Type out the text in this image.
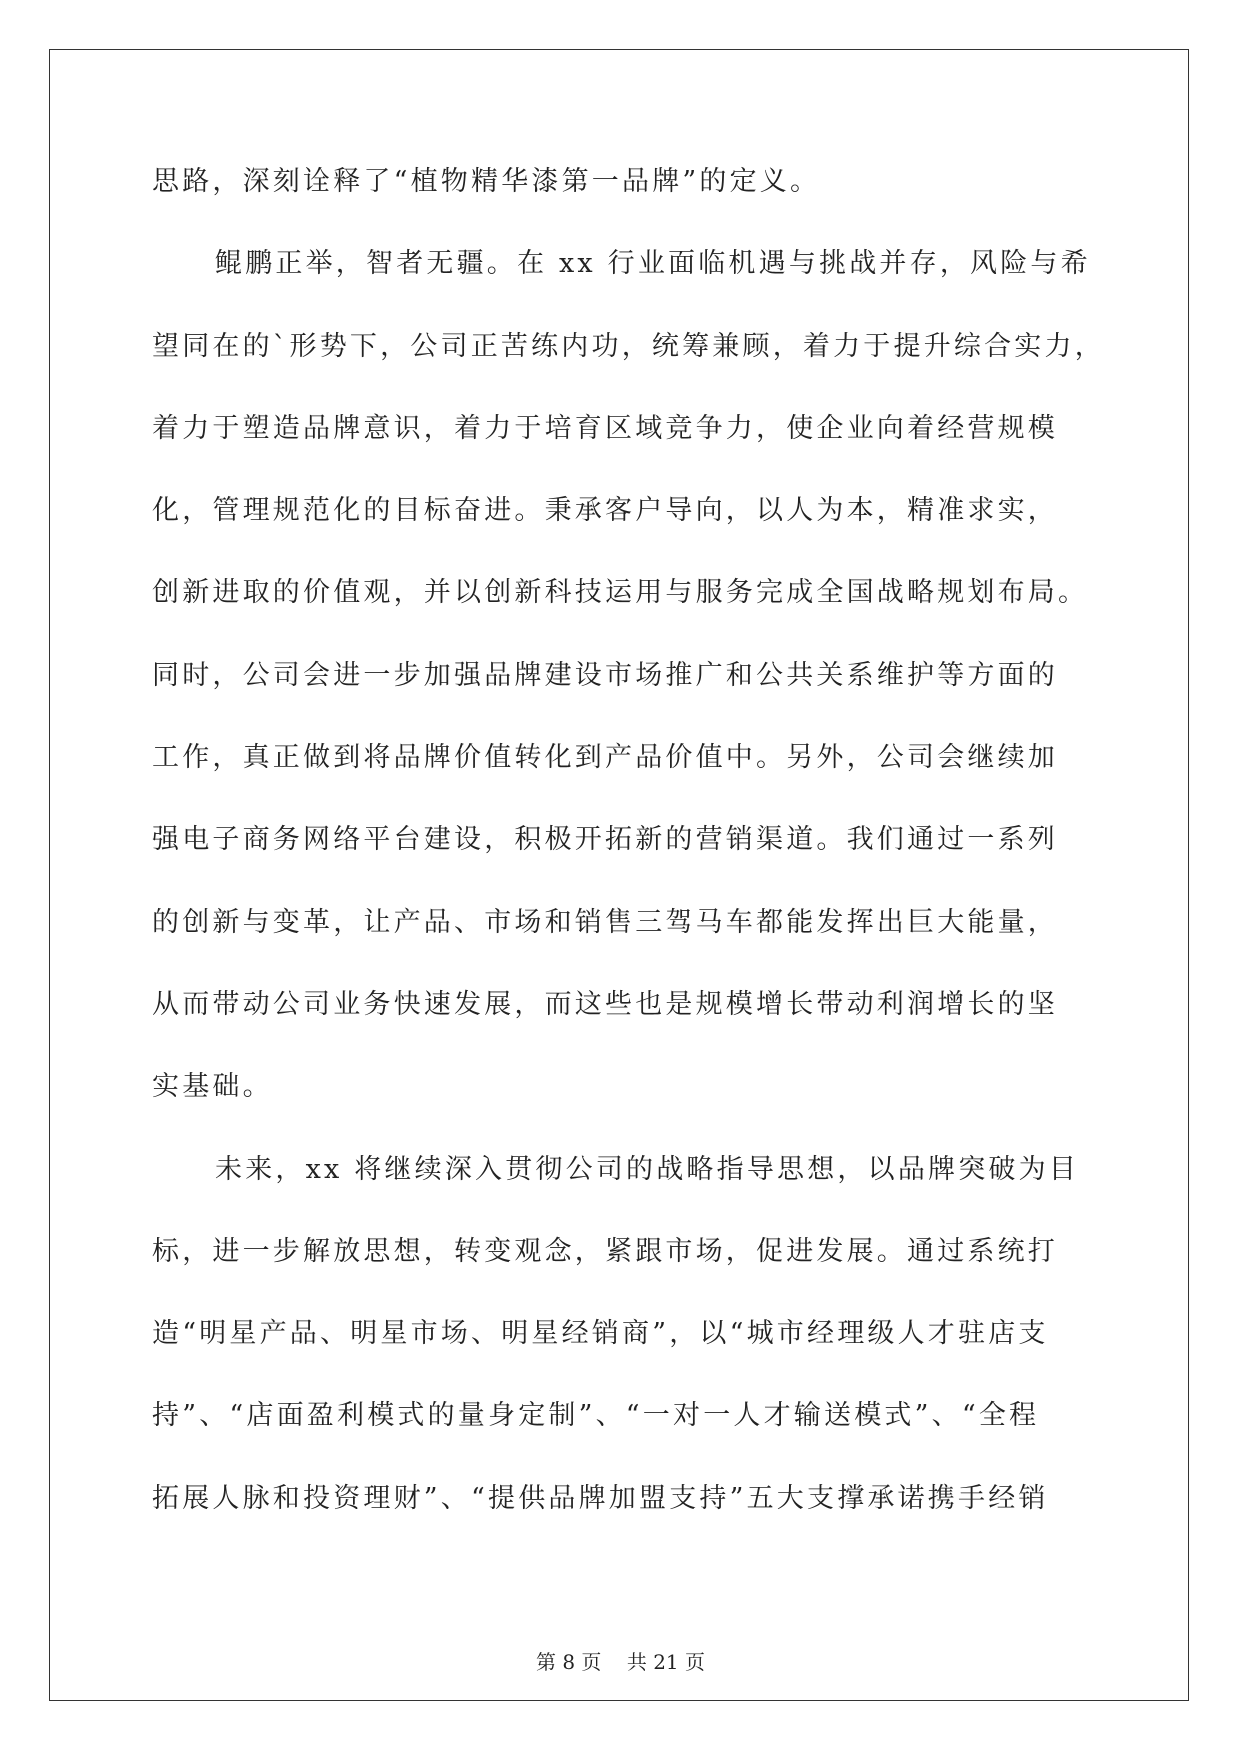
思路，深刻诠释了“植物精华漆第一品牌”的定义。
鲲鹏正举，智者无疆。在 xx 行业面临机遇与挑战并存，风险与希
望同在的`形势下，公司正苦练内功，统筹兼顾，着力于提升综合实力，
着力于塑造品牌意识，着力于培育区域竞争力，使企业向着经营规模
化，管理规范化的目标奋进。秉承客户导向，以人为本，精准求实，
创新进取的价值观，并以创新科技运用与服务完成全国战略规划布局。
同时，公司会进一步加强品牌建设市场推广和公共关系维护等方面的
工作，真正做到将品牌价值转化到产品价值中。另外，公司会继续加
强电子商务网络平台建设，积极开拓新的营销渠道。我们通过一系列
的创新与变革，让产品、市场和销售三驾马车都能发挥出巨大能量，
从而带动公司业务快速发展，而这些也是规模增长带动利润增长的坚
实基础。
未来，xx 将继续深入贯彻公司的战略指导思想，以品牌突破为目
标，进一步解放思想，转变观念，紧跟市场，促进发展。通过系统打
造“明星产品、明星市场、明星经销商”，以“城市经理级人才驻店支
持”、“店面盈利模式的量身定制”、“一对一人才输送模式”、“全程
拓展人脉和投资理财”、“提供品牌加盟支持”五大支撑承诺携手经销
第 8 页    共 21 页
